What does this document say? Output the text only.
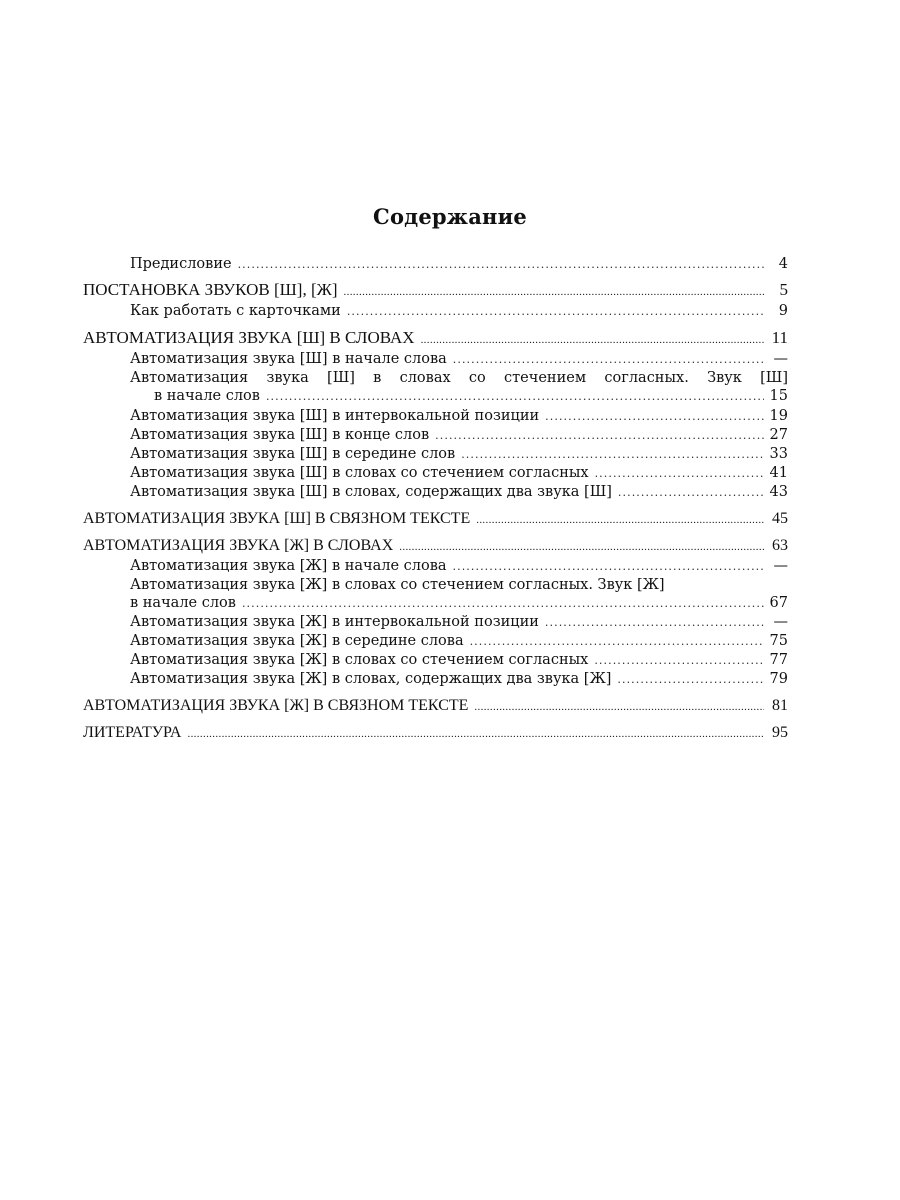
Содержание
Предисловие . . .	4
ПОСТАНОВКА ЗВУКОВ [Ш], [Ж] . . .	5
Как работать с карточками . . .	9
АВТОМАТИЗАЦИЯ ЗВУКА [Ш] В СЛОВАХ . . .	11
Автоматизация звука [Ш] в начале слова . . .	—
Автоматизация звука [Ш] в словах со стечением согласных. Звук [Ш]
в начале слов . . .	15
Автоматизация звука [Ш] в интервокальной позиции . . .	19
Автоматизация звука [Ш] в конце слов . . .	27
Автоматизация звука [Ш] в середине слов . . .	33
Автоматизация звука [Ш] в словах со стечением согласных . . .	41
Автоматизация звука [Ш] в словах, содержащих два звука [Ш] . . .	43
АВТОМАТИЗАЦИЯ ЗВУКА [Ш] В СВЯЗНОМ ТЕКСТЕ . . .	45
АВТОМАТИЗАЦИЯ ЗВУКА [Ж] В СЛОВАХ . . .	63
Автоматизация звука [Ж] в начале слова . . .	—
Автоматизация звука [Ж] в словах со стечением согласных. Звук [Ж]
в начале слов . . .	67
Автоматизация звука [Ж] в интервокальной позиции . . .	—
Автоматизация звука [Ж] в середине слова . . .	75
Автоматизация звука [Ж] в словах со стечением согласных . . .	77
Автоматизация звука [Ж] в словах, содержащих два звука [Ж] . . .	79
АВТОМАТИЗАЦИЯ ЗВУКА [Ж] В СВЯЗНОМ ТЕКСТЕ . . .	81
ЛИТЕРАТУРА . . .	95
